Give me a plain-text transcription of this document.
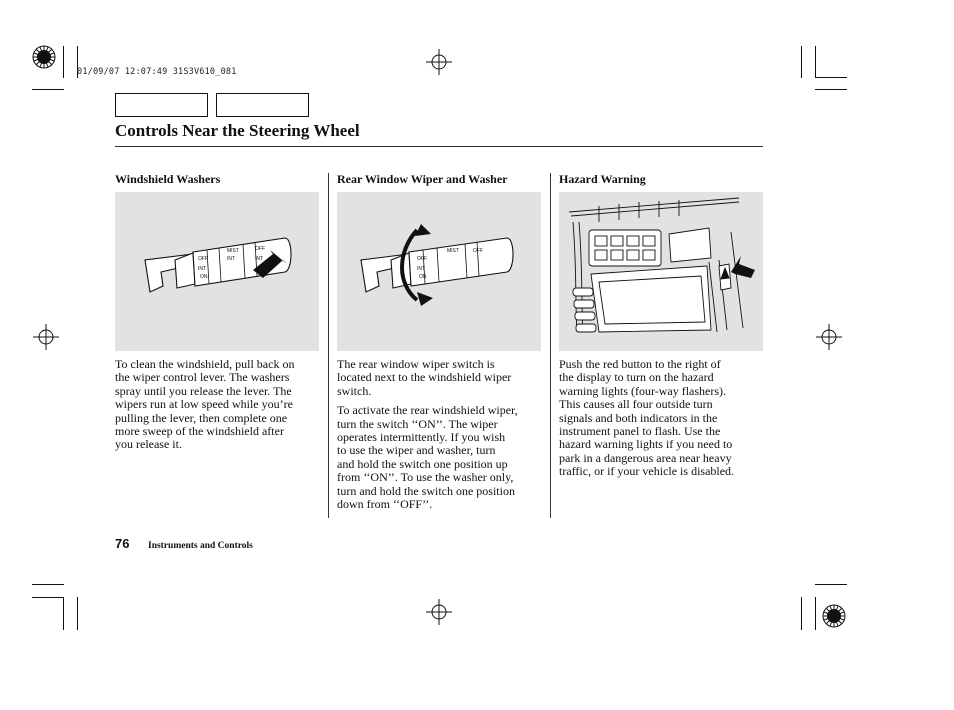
01/09/07 12:07:49 31S3V610_081
Controls Near the Steering Wheel
Windshield Washers
OFF
INT
ON
MIST
INT
OFF
INT

To clean the windshield, pull back on
the wiper control lever. The washers
spray until you release the lever. The
wipers run at low speed while you’re
pulling the lever, then complete one
more sweep of the windshield after
you release it.

Rear Window Wiper and Washer
OFF
INT
ON
MIST	OFF

The rear window wiper switch is
located next to the windshield wiper
switch.

To activate the rear windshield wiper,
turn the switch ‘‘ON’’. The wiper
operates intermittently. If you wish
to use the wiper and washer, turn
and hold the switch one position up
from ‘‘ON’’. To use the washer only,
turn and hold the switch one position
down from ‘‘OFF’’.

Hazard Warning

Push the red button to the right of
the display to turn on the hazard
warning lights (four-way flashers).
This causes all four outside turn
signals and both indicators in the
instrument panel to flash. Use the
hazard warning lights if you need to
park in a dangerous area near heavy
traffic, or if your vehicle is disabled.

76 Instruments and Controls
